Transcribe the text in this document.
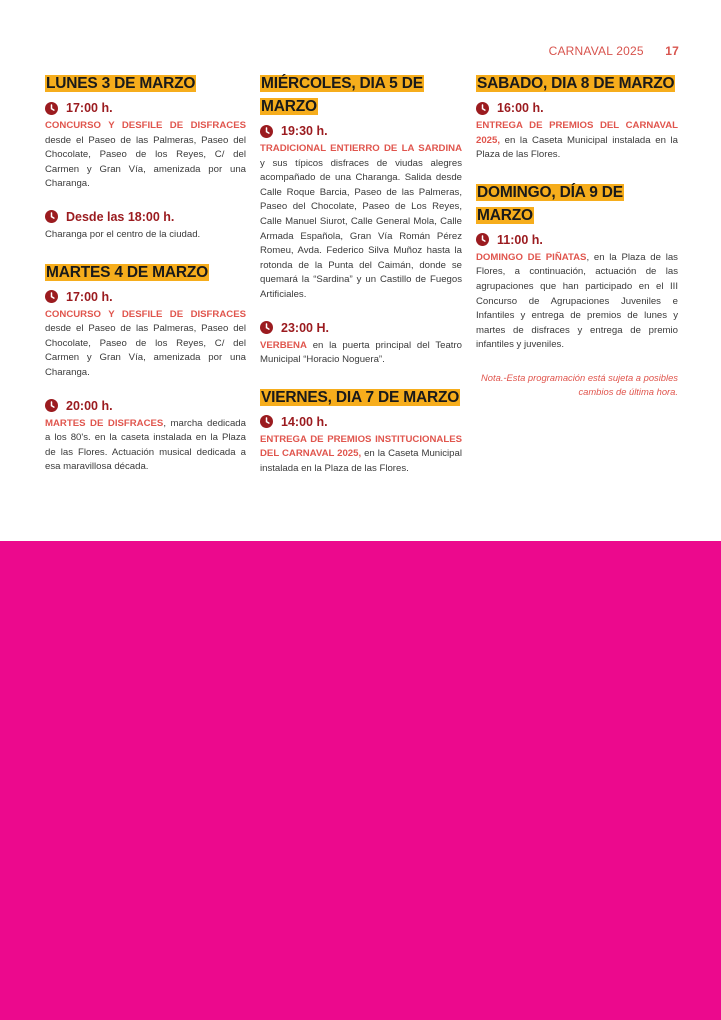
CARNAVAL 2025 17
LUNES 3 DE MARZO
17:00 h.

CONCURSO Y DESFILE DE DISFRACES desde el Paseo de las Palmeras, Paseo del Chocolate, Paseo de los Reyes, C/ del Carmen y Gran Vía, amenizada por una Charanga.

Desde las 18:00 h.

Charanga por el centro de la ciudad.

MARTES 4 DE MARZO
17:00 h.

CONCURSO Y DESFILE DE DISFRACES desde el Paseo de las Palmeras, Paseo del Chocolate, Paseo de los Reyes, C/ del Carmen y Gran Vía, amenizada por una Charanga.

20:00 h.

MARTES DE DISFRACES, marcha dedicada a los 80's. en la caseta instalada en la Plaza de las Flores. Actuación musical dedicada a esa maravillosa década.

MIÉRCOLES, DIA 5 DE MARZO
19:30 h.

TRADICIONAL ENTIERRO DE LA SARDINA y sus típicos disfraces de viudas alegres acompañado de una Charanga. Salida desde Calle Roque Barcia, Paseo de las Palmeras, Paseo del Chocolate, Paseo de Los Reyes, Calle Manuel Siurot, Calle General Mola, Calle Armada Española, Gran Vía Román Pérez Romeu, Avda. Federico Silva Muñoz hasta la rotonda de la Punta del Caimán, donde se quemará la “Sardina” y un Castillo de Fuegos Artificiales.

23:00 H.

VERBENA en la puerta principal del Teatro Municipal “Horacio Noguera”.

VIERNES, DIA 7 DE MARZO
14:00 h.

ENTREGA DE PREMIOS INSTITUCIONALES DEL CARNAVAL 2025, en la Caseta Municipal instalada en la Plaza de las Flores.

SABADO, DIA 8 DE MARZO
16:00 h.

ENTREGA DE PREMIOS DEL CARNAVAL 2025, en la Caseta Municipal instalada en la Plaza de las Flores.

DOMINGO, DÍA 9 DE MARZO
11:00 h.

DOMINGO DE PIÑATAS, en la Plaza de las Flores, a continuación, actuación de las agrupaciones que han participado en el III Concurso de Agrupaciones Juveniles e Infantiles y entrega de premios de lunes y martes de disfraces y entrega de premio infantiles y juveniles.

Nota.-Esta programación está sujeta a posibles cambios de última hora.
